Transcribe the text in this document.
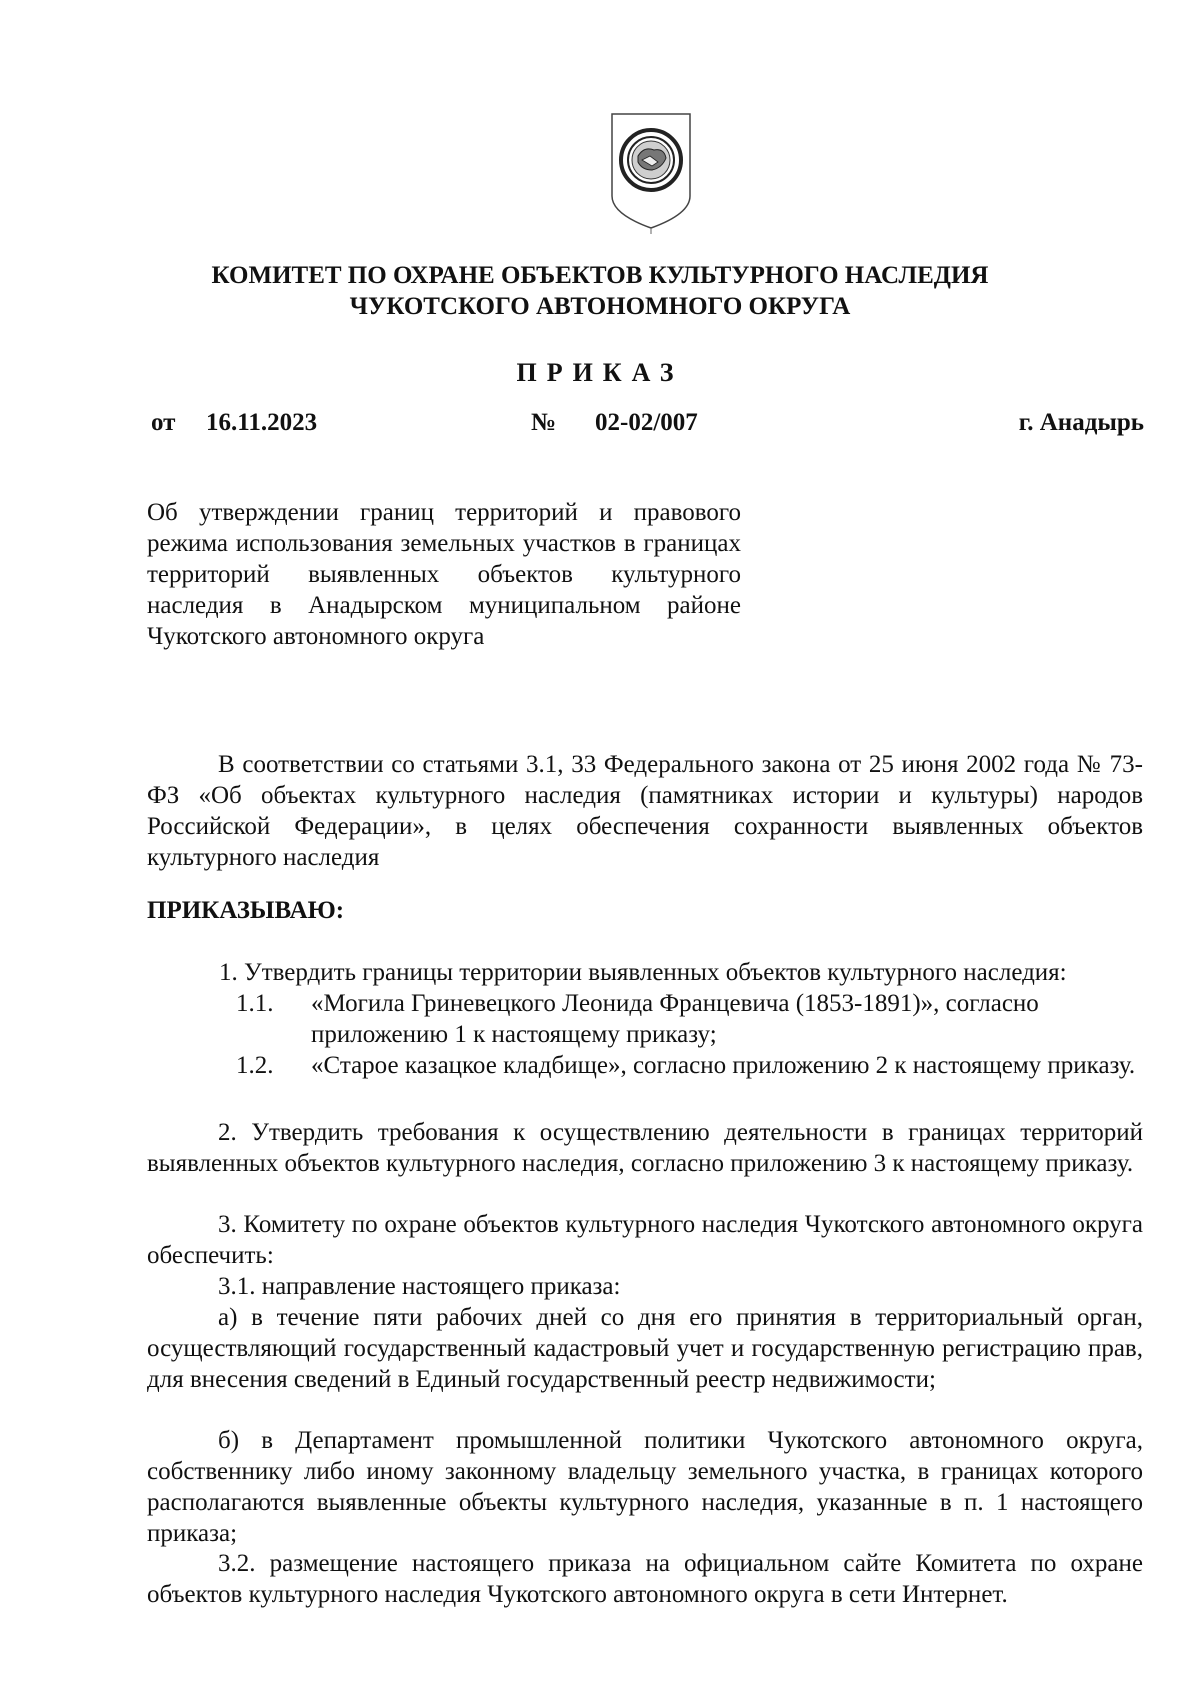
КОМИТЕТ ПО ОХРАНЕ ОБЪЕКТОВ КУЛЬТУРНОГО НАСЛЕДИЯ
ЧУКОТСКОГО АВТОНОМНОГО ОКРУГА
ПРИКАЗ
от 16.11.2023	№ 02-02/007	г. Анадырь
Об утверждении границ территорий и правового режима использования земельных участков в границах территорий выявленных объектов культурного наследия в Анадырском муниципальном районе Чукотского автономного округа
В соответствии со статьями 3.1, 33 Федерального закона от 25 июня 2002 года № 73-ФЗ «Об объектах культурного наследия (памятниках истории и культуры) народов Российской Федерации», в целях обеспечения сохранности выявленных объектов культурного наследия
ПРИКАЗЫВАЮ:
1. Утвердить границы территории выявленных объектов культурного наследия:
1.1. «Могила Гриневецкого Леонида Францевича (1853-1891)», согласно приложению 1 к настоящему приказу;
1.2. «Старое казацкое кладбище», согласно приложению 2 к настоящему приказу.
2. Утвердить требования к осуществлению деятельности в границах территорий выявленных объектов культурного наследия, согласно приложению 3 к настоящему приказу.
3. Комитету по охране объектов культурного наследия Чукотского автономного округа обеспечить:
3.1. направление настоящего приказа:
а) в течение пяти рабочих дней со дня его принятия в территориальный орган, осуществляющий государственный кадастровый учет и государственную регистрацию прав, для внесения сведений в Единый государственный реестр недвижимости;
б) в Департамент промышленной политики Чукотского автономного округа, собственнику либо иному законному владельцу земельного участка, в границах которого располагаются выявленные объекты культурного наследия, указанные в п. 1 настоящего приказа;
3.2. размещение настоящего приказа на официальном сайте Комитета по охране объектов культурного наследия Чукотского автономного округа в сети Интернет.
